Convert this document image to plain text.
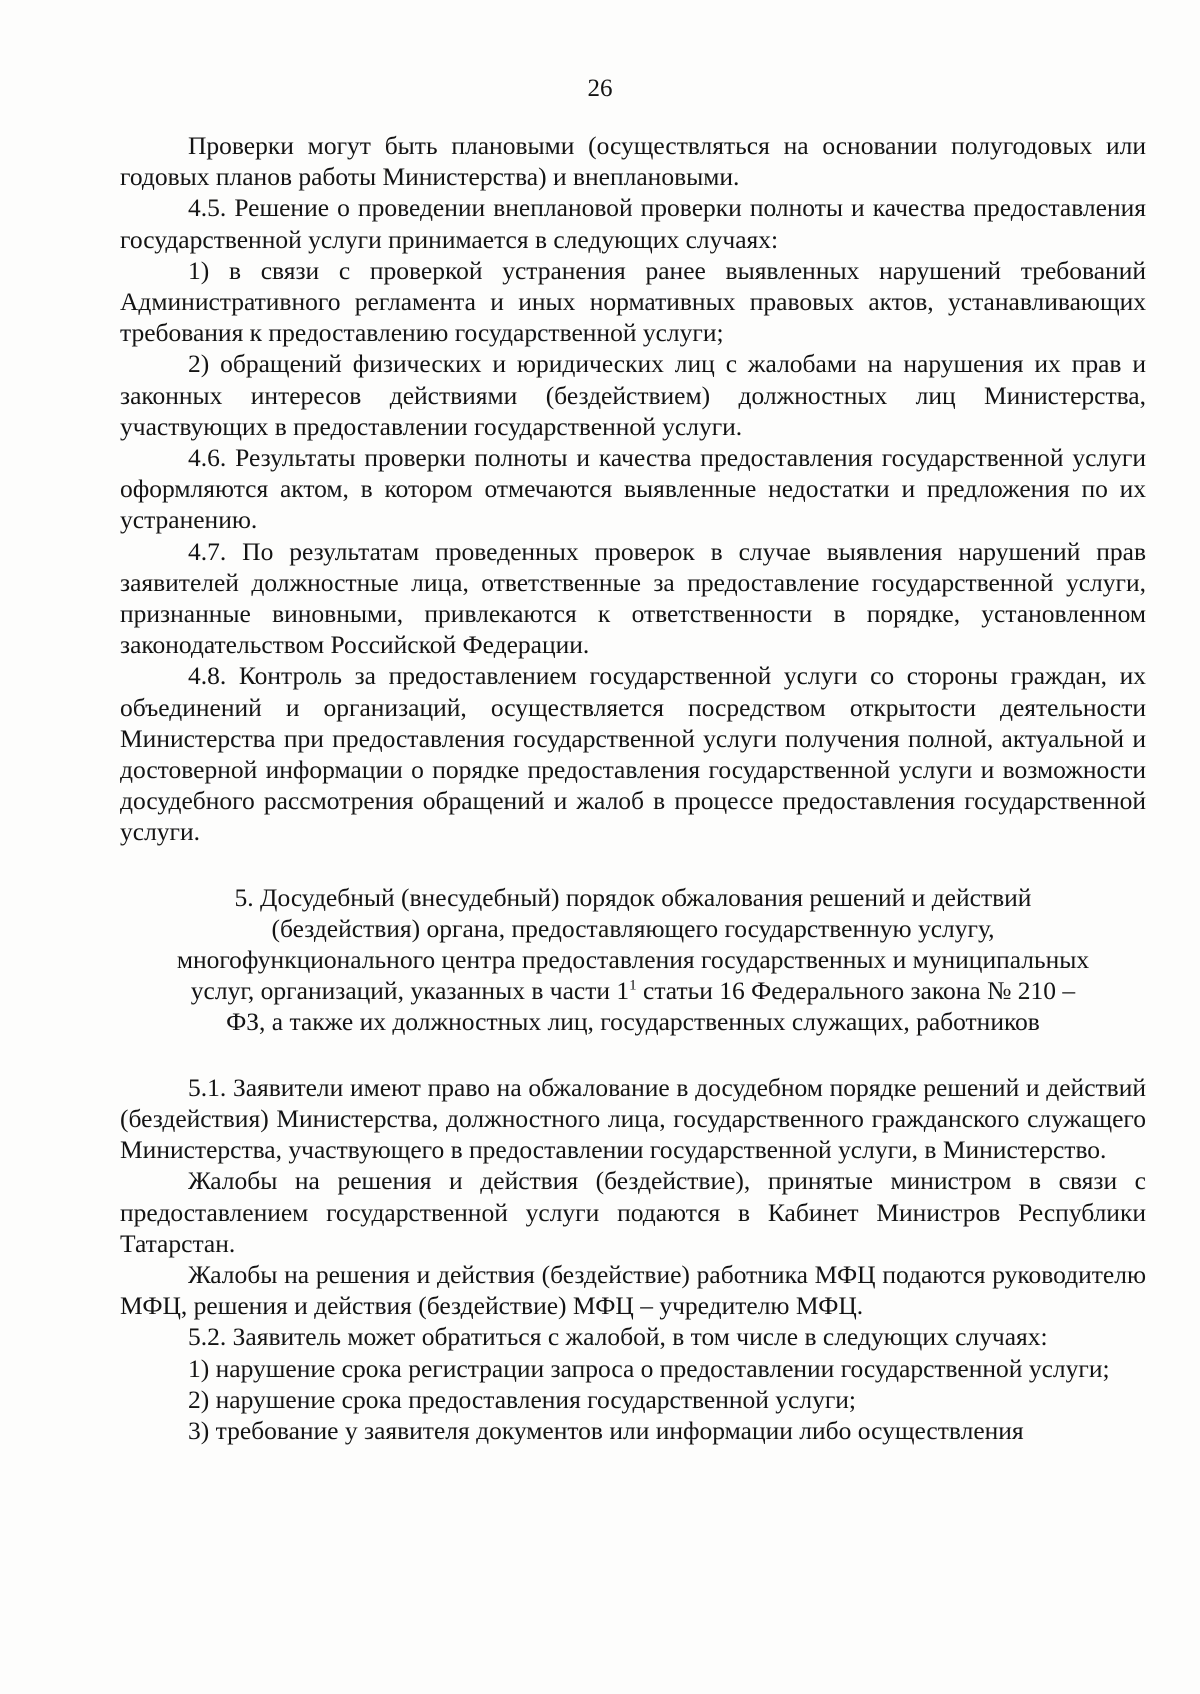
26

Проверки могут быть плановыми (осуществляться на основании полугодовых или годовых планов работы Министерства) и внеплановыми.

4.5. Решение о проведении внеплановой проверки полноты и качества предоставления государственной услуги принимается в следующих случаях:

1) в связи с проверкой устранения ранее выявленных нарушений требований Административного регламента и иных нормативных правовых актов, устанавливающих требования к предоставлению государственной услуги;

2) обращений физических и юридических лиц с жалобами на нарушения их прав и законных интересов действиями (бездействием) должностных лиц Министерства, участвующих в предоставлении государственной услуги.

4.6. Результаты проверки полноты и качества предоставления государственной услуги оформляются актом, в котором отмечаются выявленные недостатки и предложения по их устранению.

4.7. По результатам проведенных проверок в случае выявления нарушений прав заявителей должностные лица, ответственные за предоставление государственной услуги, признанные виновными, привлекаются к ответственности в порядке, установленном законодательством Российской Федерации.

4.8. Контроль за предоставлением государственной услуги со стороны граждан, их объединений и организаций, осуществляется посредством открытости деятельности Министерства при предоставления государственной услуги получения полной, актуальной и достоверной информации о порядке предоставления государственной услуги и возможности досудебного рассмотрения обращений и жалоб в процессе предоставления государственной услуги.

5. Досудебный (внесудебный) порядок обжалования решений и действий
(бездействия) органа, предоставляющего государственную услугу,
многофункционального центра предоставления государственных и муниципальных
услуг, организаций, указанных в части $1^1$ статьи 16 Федерального закона № 210 –
ФЗ, а также их должностных лиц, государственных служащих, работников

5.1. Заявители имеют право на обжалование в досудебном порядке решений и действий (бездействия) Министерства, должностного лица, государственного гражданского служащего Министерства, участвующего в предоставлении государственной услуги, в Министерство.

Жалобы на решения и действия (бездействие), принятые министром в связи с предоставлением государственной услуги подаются в Кабинет Министров Республики Татарстан.

Жалобы на решения и действия (бездействие) работника МФЦ подаются руководителю МФЦ, решения и действия (бездействие) МФЦ – учредителю МФЦ.

5.2. Заявитель может обратиться с жалобой, в том числе в следующих случаях:

1) нарушение срока регистрации запроса о предоставлении государственной услуги;

2) нарушение срока предоставления государственной услуги;

3) требование у заявителя документов или информации либо осуществления
